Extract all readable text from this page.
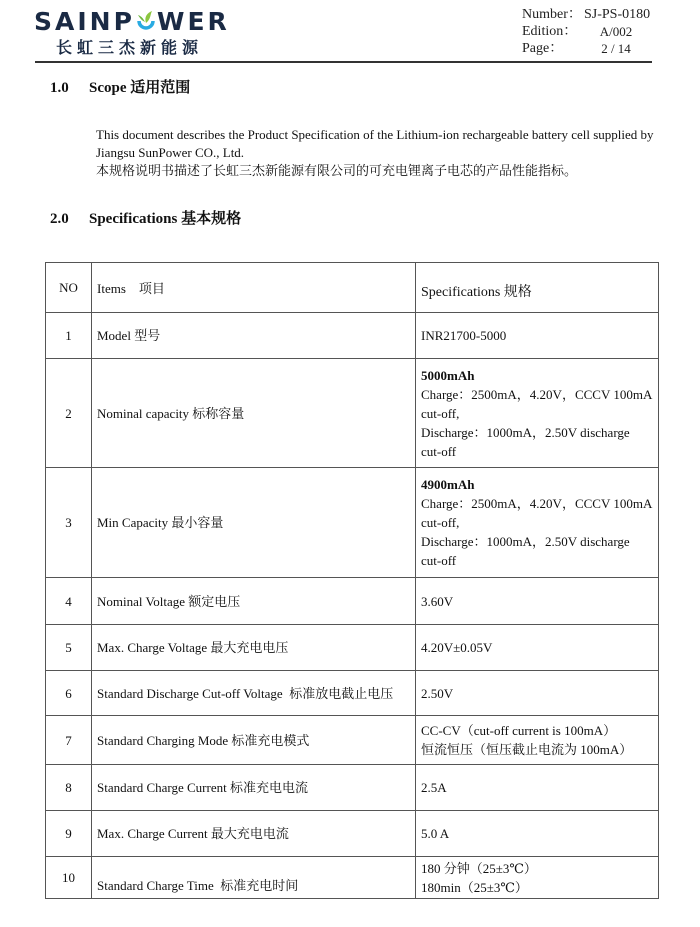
SAINP WER
长虹三杰新能源
Number： SJ-PS-0180
Edition：	A/002
Page：	2 / 14
1.0 Scope 适用范围

This document describes the Product Specification of the Lithium-ion rechargeable battery cell supplied by Jiangsu SunPower CO., Ltd.

本规格说明书描述了长虹三杰新能源有限公司的可充电锂离子电芯的产品性能指标。

2.0 Specifications 基本规格
NO	Items    项目	Specifications 规格
1	Model 型号	INR21700-5000
2	Nominal capacity 标称容量	5000mAh
Charge：2500mA，4.20V，CCCV 100mA cut-off,
Discharge：1000mA，2.50V discharge cut-off

3	Min Capacity 最小容量	4900mAh
Charge：2500mA，4.20V，CCCV 100mA cut-off,
Discharge：1000mA，2.50V discharge cut-off

4	Nominal Voltage 额定电压	3.60V
5	Max. Charge Voltage 最大充电电压	4.20V±0.05V
6	Standard Discharge Cut-off Voltage  标准放电截止电压	2.50V
7	Standard Charging Mode 标准充电模式	CC-CV（cut-off current is 100mA）
恒流恒压（恒压截止电流为 100mA）
8	Standard Charge Current 标准充电电流	2.5A
9	Max. Charge Current 最大充电电流	5.0 A
10	Standard Charge Time  标准充电时间	180 分钟（25±3℃）
180min（25±3℃）
